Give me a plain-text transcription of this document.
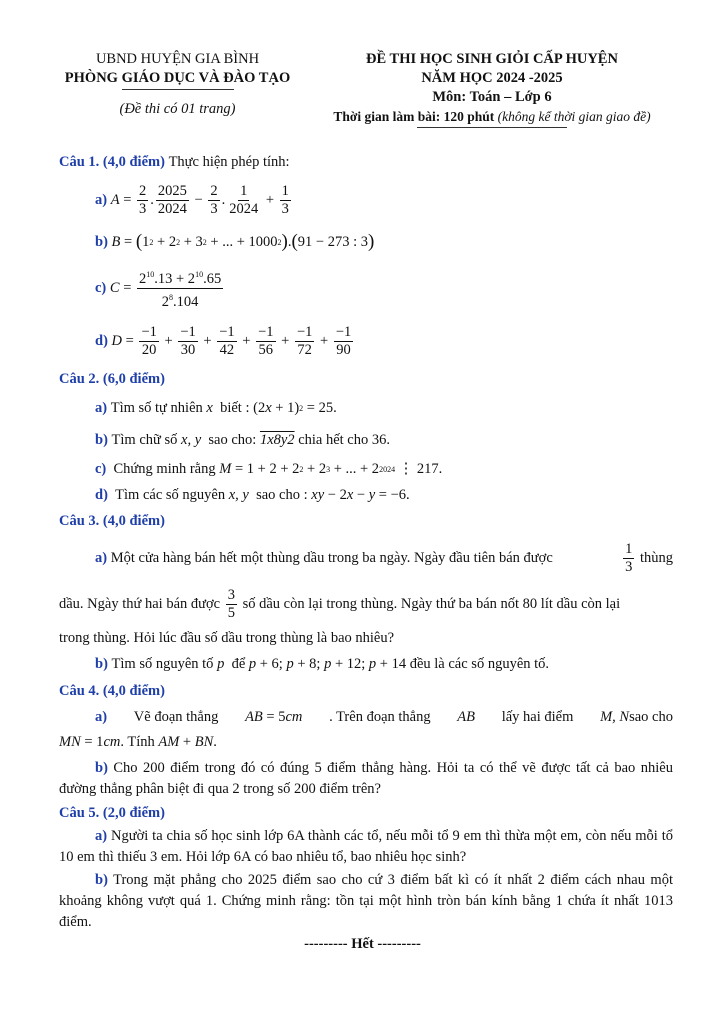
UBND HUYỆN GIA BÌNH
PHÒNG GIÁO DỤC VÀ ĐÀO TẠO
(Đề thi có 01 trang)
ĐỀ THI HỌC SINH GIỎI CẤP HUYỆN
NĂM HỌC 2024 -2025
Môn: Toán – Lớp 6
Thời gian làm bài: 120 phút (không kể thời gian giao đề)
Câu 1. (4,0 điểm)
Thực hiện phép tính:
a)
$A = \frac{2}{3}$ .
2025
2024
− $\frac{2}{3}$ .
1
2024
+ $\frac{1}{3}$
b)
B = ( 1 2 + 2 2 + 3 2 + ... + 1000 2 ) . ( 91 − 273 : 3 )
c)
C =
$2^{10}.13 + 2^{10}.65$
$2^8.104$
d)
D =
−1
20
+
−1
30
+
−1
42
+
−1
56
+
−1
72
+
−1
90
Câu 2. (6,0 điểm)
a)
Tìm số tự nhiên
x
biết : (2 x + 1) 2 = 25.
b)
Tìm chữ số
x, y
sao cho:
1x8y2
chia hết cho 36.
c)
Chứng minh rằng
M = 1 + 2 + 2 2 + 2 3 + ... + 2 2024 ⋮ 217.
d)
Tìm các số nguyên
x, y
sao cho :
xy − 2 x − y = −6.
Câu 3. (4,0 điểm)
a) Một cửa hàng bán hết một thùng dầu trong ba ngày. Ngày đầu tiên bán được
1
3

thùng
dầu. Ngày thứ hai bán được

3
5

số dầu còn lại trong thùng. Ngày thứ ba bán nốt 80 lít dầu còn lại
trong thùng. Hỏi lúc đầu số dầu trong thùng là bao nhiêu?
b)
Tìm số nguyên tố
p
để
p + 6; p + 8; p + 12; p + 14 đều là các số nguyên tố.
Câu 4. (4,0 điểm)
a) Vẽ đoạn thẳng AB = 5cm . Trên đoạn thẳng AB lấy hai điểm M, Nsao cho
MN = 1 cm . Tính
AM + BN .
b) Cho 200 điểm trong đó có đúng 5 điểm thẳng hàng. Hỏi ta có thể vẽ được tất cả bao nhiêu đường thẳng phân biệt đi qua 2 trong số 200 điểm trên?
Câu 5. (2,0 điểm)
a) Người ta chia số học sinh lớp 6A thành các tổ, nếu mỗi tổ 9 em thì thừa một em, còn nếu mỗi tổ 10 em thì thiếu 3 em. Hỏi lớp 6A có bao nhiêu tổ, bao nhiêu học sinh?
b) Trong mặt phẳng cho 2025 điểm sao cho cứ 3 điểm bất kì có ít nhất 2 điểm cách nhau một khoảng không vượt quá 1. Chứng minh rằng: tồn tại một hình tròn bán kính bằng 1 chứa ít nhất 1013 điểm.
--------- Hết ---------
